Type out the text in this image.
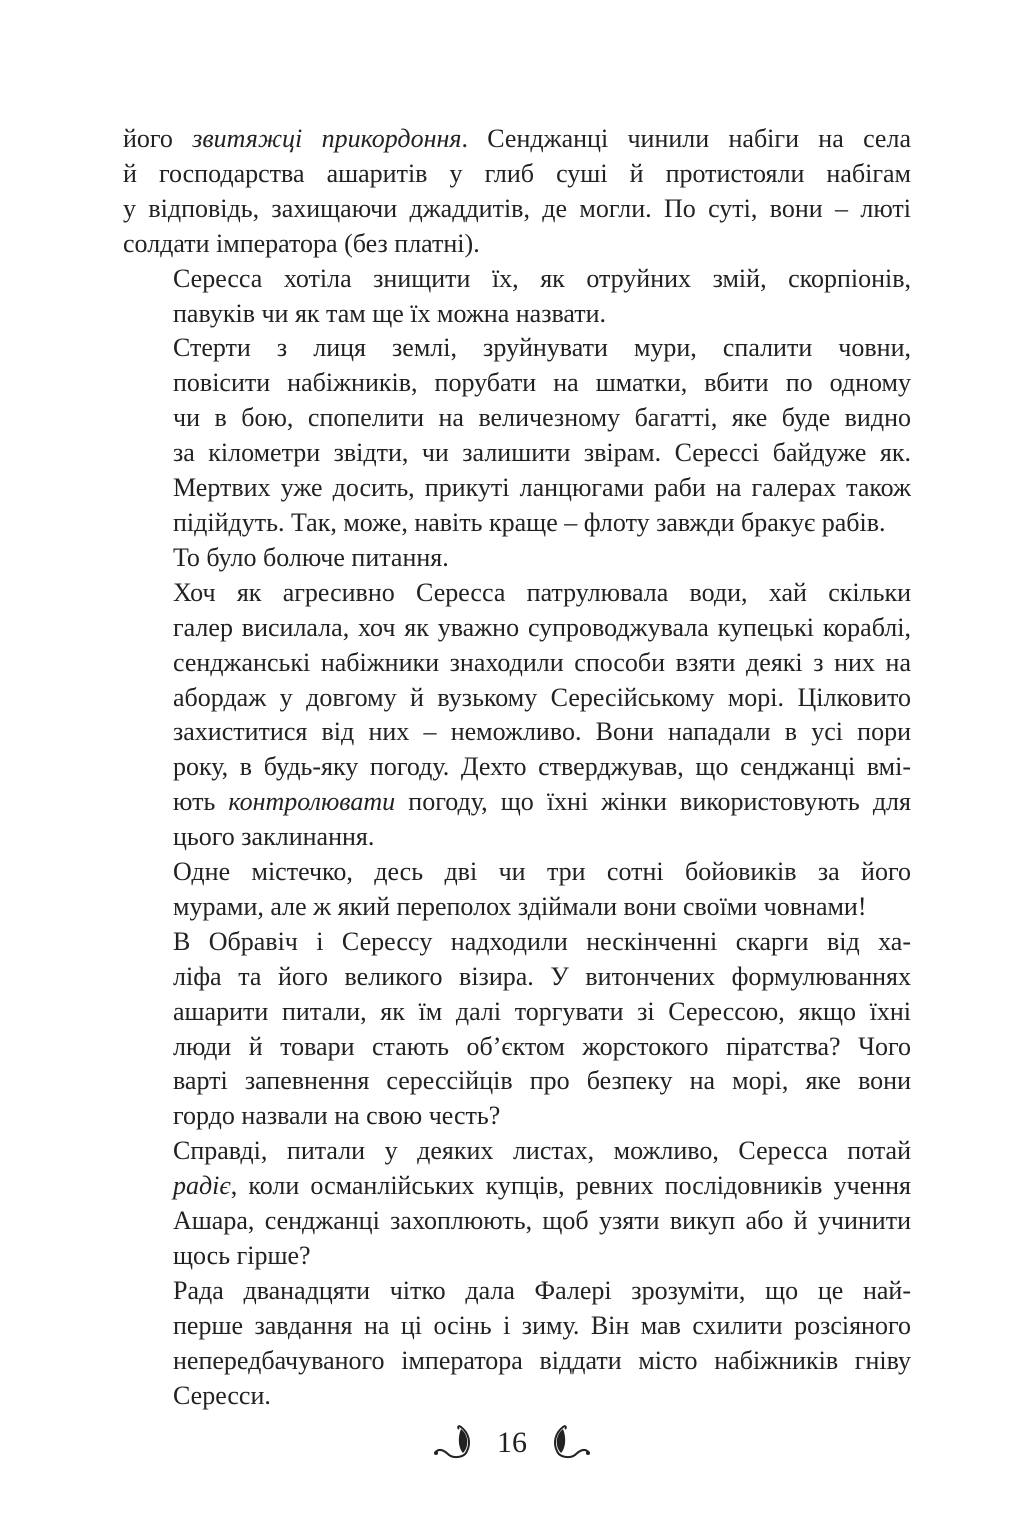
його звитяжці прикордоння. Сенджанці чинили набіги на села
й господарства ашаритів у глиб суші й протистояли набігам
у відповідь, захищаючи джаддитів, де могли. По суті, вони – люті
солдати імператора (без платні).

Сересса хотіла знищити їх, як отруйних змій, скорпіонів,
павуків чи як там ще їх можна назвати.

Стерти з лиця землі, зруйнувати мури, спалити човни,
повісити набіжників, порубати на шматки, вбити по одному
чи в бою, спопелити на величезному багатті, яке буде видно
за кілометри звідти, чи залишити звірам. Сересcі байдуже як.
Мертвих уже досить, прикуті ланцюгами раби на галерах також
підійдуть. Так, може, навіть краще – флоту завжди бракує рабів.

То було болюче питання.

Хоч як агресивно Сересса патрулювала води, хай скільки
галер висилала, хоч як уважно супроводжувала купецькі кораблі,
сенджанські набіжники знаходили способи взяти деякі з них на
абордаж у довгому й вузькому Сересійському морі. Цілковито
захиститися від них – неможливо. Вони нападали в усі пори
року, в будь-яку погоду. Дехто стверджував, що сенджанці вмі-
ють контролювати погоду, що їхні жінки використовують для
цього заклинання.

Одне містечко, десь дві чи три сотні бойовиків за його
мурами, але ж який переполох здіймали вони своїми човнами!

В Обравіч і Сересcу надходили нескінченні скарги від ха-
ліфа та його великого візира. У витончених формулюваннях
ашарити питали, як їм далі торгувати зі Сересcою, якщо їхні
люди й товари стають об’єктом жорстокого піратства? Чого
варті запевнення сересcійців про безпеку на морі, яке вони
гордо назвали на свою честь?

Справді, питали у деяких листах, можливо, Сересса потай
радіє, коли османлійських купців, ревних послідовників учення
Ашара, сенджанці захоплюють, щоб узяти викуп або й учинити
щось гірше?

Рада дванадцяти чітко дала Фалері зрозуміти, що це най-
перше завдання на ці осінь і зиму. Він мав схилити розсіяного
непередбачуваного імператора віддати місто набіжників гніву
Сересcи.

16
